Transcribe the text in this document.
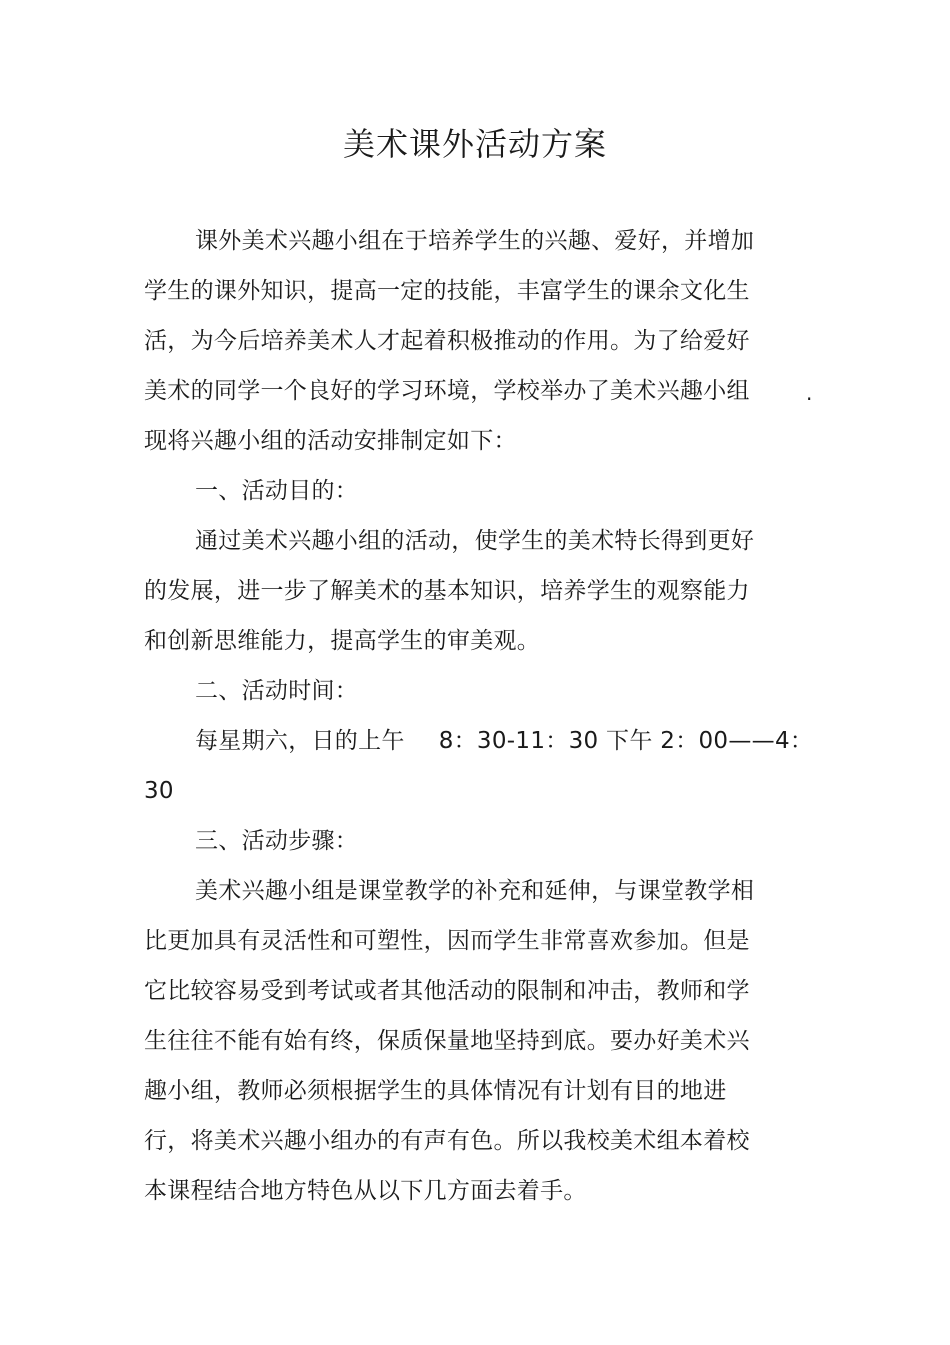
美术课外活动方案
课外美术兴趣小组在于培养学生的兴趣、爱好，并增加
学生的课外知识，提高一定的技能，丰富学生的课余文化生
活，为今后培养美术人才起着积极推动的作用。为了给爱好
美术的同学一个良好的学习环境，学校举办了美术兴趣小组	.
现将兴趣小组的活动安排制定如下：
一、活动目的：
通过美术兴趣小组的活动，使学生的美术特长得到更好
的发展，进一步了解美术的基本知识，培养学生的观察能力
和创新思维能力，提高学生的审美观。
二、活动时间：
每星期六，日的上午 8：30-11：30 下午 2：00——4：
30
三、活动步骤：
美术兴趣小组是课堂教学的补充和延伸，与课堂教学相
比更加具有灵活性和可塑性，因而学生非常喜欢参加。但是
它比较容易受到考试或者其他活动的限制和冲击，教师和学
生往往不能有始有终，保质保量地坚持到底。要办好美术兴
趣小组，教师必须根据学生的具体情况有计划有目的地进
行，将美术兴趣小组办的有声有色。所以我校美术组本着校
本课程结合地方特色从以下几方面去着手。
